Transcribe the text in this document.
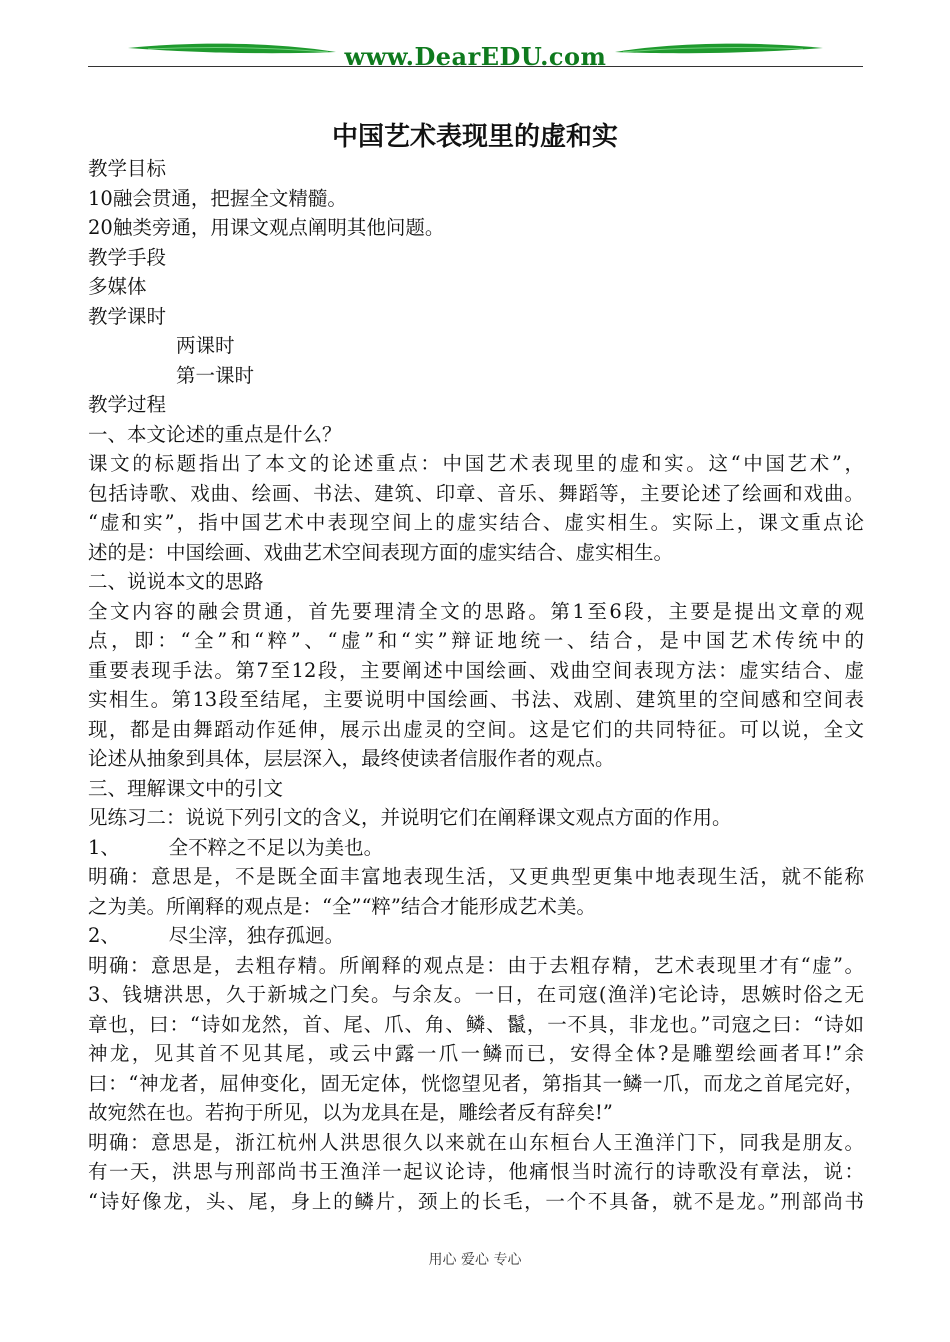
www.DearEDU.com
中国艺术表现里的虚和实
教学目标
10融会贯通，把握全文精髓。
20触类旁通，用课文观点阐明其他问题。
教学手段
多媒体
教学课时
两课时
第一课时
教学过程
一、本文论述的重点是什么？
课文的标题指出了本文的论述重点：中国艺术表现里的虚和实。这“中国艺术”，
包括诗歌、戏曲、绘画、书法、建筑、印章、音乐、舞蹈等，主要论述了绘画和戏曲。
“虚和实”，指中国艺术中表现空间上的虚实结合、虚实相生。实际上，课文重点论
述的是：中国绘画、戏曲艺术空间表现方面的虚实结合、虚实相生。
二、说说本文的思路
全文内容的融会贯通，首先要理清全文的思路。第1至6段，主要是提出文章的观
点，即：“全”和“粹”、“虚”和“实”辩证地统一、结合，是中国艺术传统中的
重要表现手法。第7至12段，主要阐述中国绘画、戏曲空间表现方法：虚实结合、虚
实相生。第13段至结尾，主要说明中国绘画、书法、戏剧、建筑里的空间感和空间表
现，都是由舞蹈动作延伸，展示出虚灵的空间。这是它们的共同特征。可以说，全文
论述从抽象到具体，层层深入，最终使读者信服作者的观点。
三、理解课文中的引文
见练习二：说说下列引文的含义，并说明它们在阐释课文观点方面的作用。
1、　　　全不粹之不足以为美也。
明确：意思是，不是既全面丰富地表现生活，又更典型更集中地表现生活，就不能称
之为美。所阐释的观点是：“全”“粹”结合才能形成艺术美。
2、　　　尽尘滓，独存孤迥。
明确：意思是，去粗存精。所阐释的观点是：由于去粗存精，艺术表现里才有“虚”。
3、钱塘洪思，久于新城之门矣。与余友。一日，在司寇(渔洋)宅论诗，思嫉时俗之无
章也，曰：“诗如龙然，首、尾、爪、角、鳞、鬣，一不具，非龙也。”司寇之曰：“诗如
神龙，见其首不见其尾，或云中露一爪一鳞而已，安得全体?是雕塑绘画者耳!”余
曰：“神龙者，屈伸变化，固无定体，恍惚望见者，第指其一鳞一爪，而龙之首尾完好，
故宛然在也。若拘于所见，以为龙具在是，雕绘者反有辞矣!”
明确：意思是，浙江杭州人洪思很久以来就在山东桓台人王渔洋门下，同我是朋友。
有一天，洪思与刑部尚书王渔洋一起议论诗，他痛恨当时流行的诗歌没有章法，说：
“诗好像龙，头、尾，身上的鳞片，颈上的长毛，一个不具备，就不是龙。”刑部尚书
用心 爱心 专心
